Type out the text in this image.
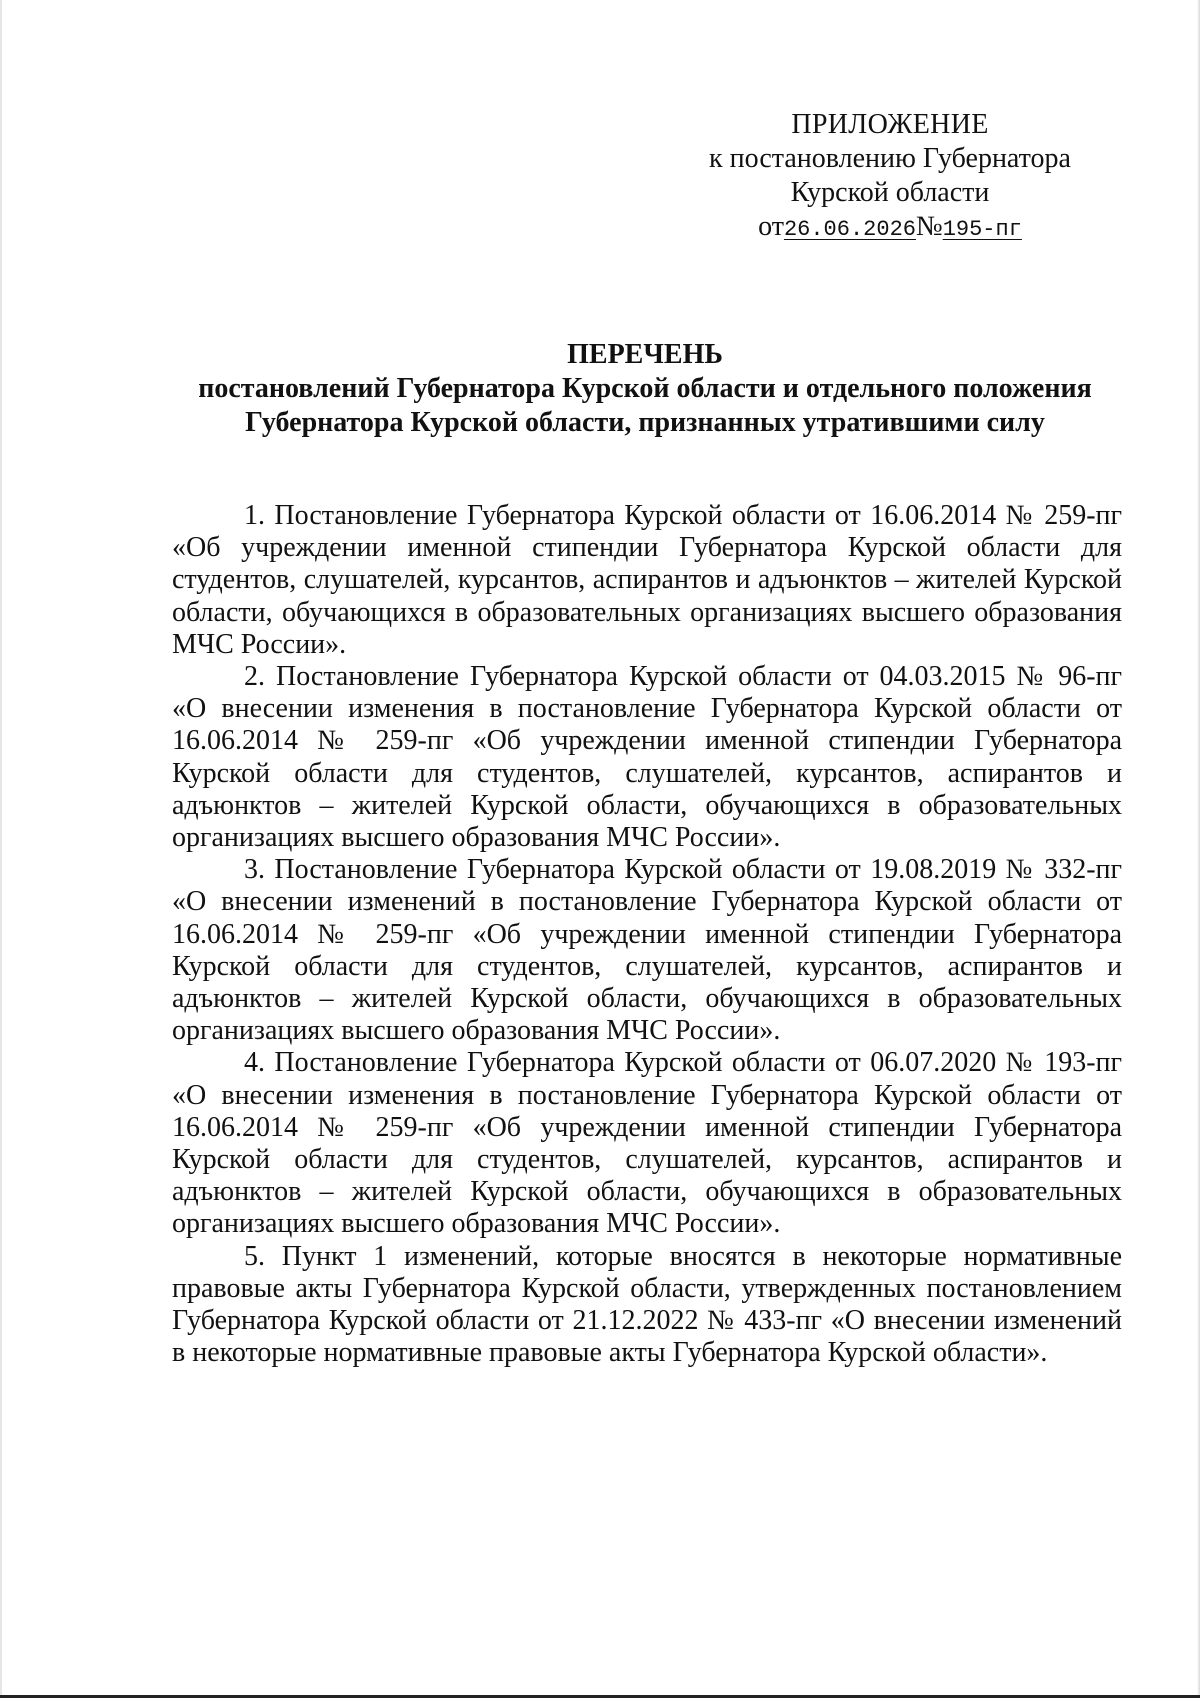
ПРИЛОЖЕНИЕ
к постановлению Губернатора
Курской области
от26.06.2026№195-пг
ПЕРЕЧЕНЬ
постановлений Губернатора Курской области и отдельного положения
Губернатора Курской области, признанных утратившими силу

1. Постановление Губернатора Курской области от 16.06.2014 № 259-пг «Об учреждении именной стипендии Губернатора Курской области для студентов, слушателей, курсантов, аспирантов и адъюнктов – жителей Курской области, обучающихся в образовательных организациях высшего образования МЧС России».

2. Постановление Губернатора Курской области от 04.03.2015 № 96-пг «О внесении изменения в постановление Губернатора Курской области от 16.06.2014 № 259-пг «Об учреждении именной стипендии Губернатора Курской области для студентов, слушателей, курсантов, аспирантов и адъюнктов – жителей Курской области, обучающихся в образовательных организациях высшего образования МЧС России».

3. Постановление Губернатора Курской области от 19.08.2019 № 332-пг «О внесении изменений в постановление Губернатора Курской области от 16.06.2014 № 259-пг «Об учреждении именной стипендии Губернатора Курской области для студентов, слушателей, курсантов, аспирантов и адъюнктов – жителей Курской области, обучающихся в образовательных организациях высшего образования МЧС России».

4. Постановление Губернатора Курской области от 06.07.2020 № 193-пг «О внесении изменения в постановление Губернатора Курской области от 16.06.2014 № 259-пг «Об учреждении именной стипендии Губернатора Курской области для студентов, слушателей, курсантов, аспирантов и адъюнктов – жителей Курской области, обучающихся в образовательных организациях высшего образования МЧС России».

5. Пункт 1 изменений, которые вносятся в некоторые нормативные правовые акты Губернатора Курской области, утвержденных постановлением Губернатора Курской области от 21.12.2022 № 433-пг «О внесении изменений в некоторые нормативные правовые акты Губернатора Курской области».
